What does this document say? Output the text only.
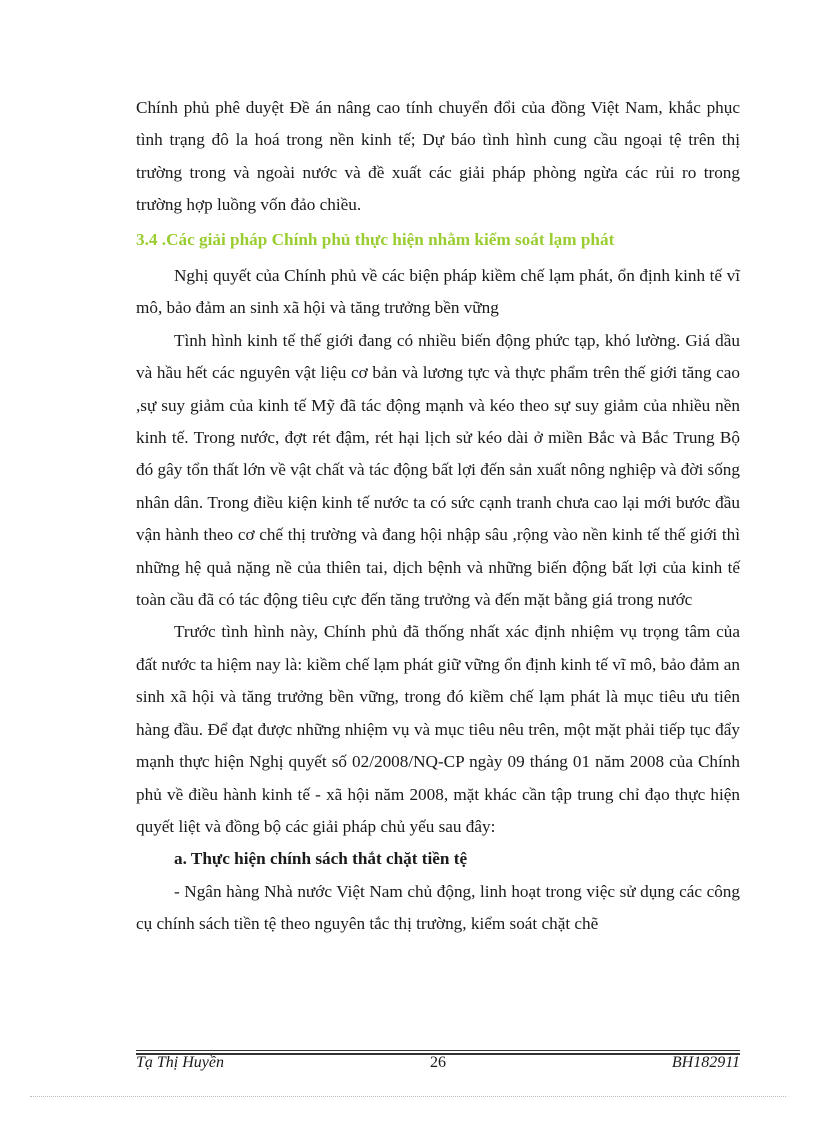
Chính phủ phê duyệt Đề án nâng cao tính chuyển đổi của đồng Việt Nam, khắc phục tình trạng đô la hoá trong nền kinh tế; Dự báo tình hình cung cầu ngoại tệ trên thị trường trong và ngoài nước và đề xuất các giải pháp phòng ngừa các rủi ro trong trường hợp luồng vốn đảo chiều.

3.4 .Các giải pháp Chính phủ thực hiện nhằm kiểm soát lạm phát

Nghị quyết của Chính phủ về các biện pháp kiềm chế lạm phát, ổn định kinh tế vĩ mô, bảo đảm an sinh xã hội và tăng trưởng bền vững

Tình hình kinh tế thế giới đang có nhiều biến động phức tạp, khó lường. Giá dầu và hầu hết các nguyên vật liệu cơ bản và lương tực và thực phẩm trên thế giới tăng cao ,sự suy giảm của kinh tế Mỹ đã tác động mạnh và kéo theo sự suy giảm của nhiều nền kinh tế. Trong nước, đợt rét đậm, rét hại lịch sử kéo dài ở miền Bắc và Bắc Trung Bộ đó gây tổn thất lớn về vật chất và tác động bất lợi đến sản xuất nông nghiệp và đời sống nhân dân. Trong điều kiện kinh tế nước ta có sức cạnh tranh chưa cao lại mới bước đầu vận hành theo cơ chế thị trường và đang hội nhập sâu ,rộng vào nền kinh tế thế giới thì những hệ quả nặng nề của thiên tai, dịch bệnh và những biến động bất lợi của kinh tế toàn cầu đã có tác động tiêu cực đến tăng trưởng và đến mặt bằng giá trong nước

Trước tình hình này, Chính phủ đã thống nhất xác định nhiệm vụ trọng tâm của đất nước ta hiệm nay là: kiềm chế lạm phát giữ vững ổn định kinh tế vĩ mô, bảo đảm an sinh xã hội và tăng trưởng bền vững, trong đó kiềm chế lạm phát là mục tiêu ưu tiên hàng đầu. Để đạt được những nhiệm vụ và mục tiêu nêu trên, một mặt phải tiếp tục đẩy mạnh thực hiện Nghị quyết số 02/2008/NQ-CP ngày 09 tháng 01 năm 2008 của Chính phủ về điều hành kinh tế - xã hội năm 2008, mặt khác cần tập trung chỉ đạo thực hiện quyết liệt và đồng bộ các giải pháp chủ yếu sau đây:

a. Thực hiện chính sách thắt chặt tiền tệ

- Ngân hàng Nhà nước Việt Nam chủ động, linh hoạt trong việc sử dụng các công cụ chính sách tiền tệ theo nguyên tắc thị trường, kiểm soát chặt chẽ

Tạ Thị Huyền	26	BH182911
